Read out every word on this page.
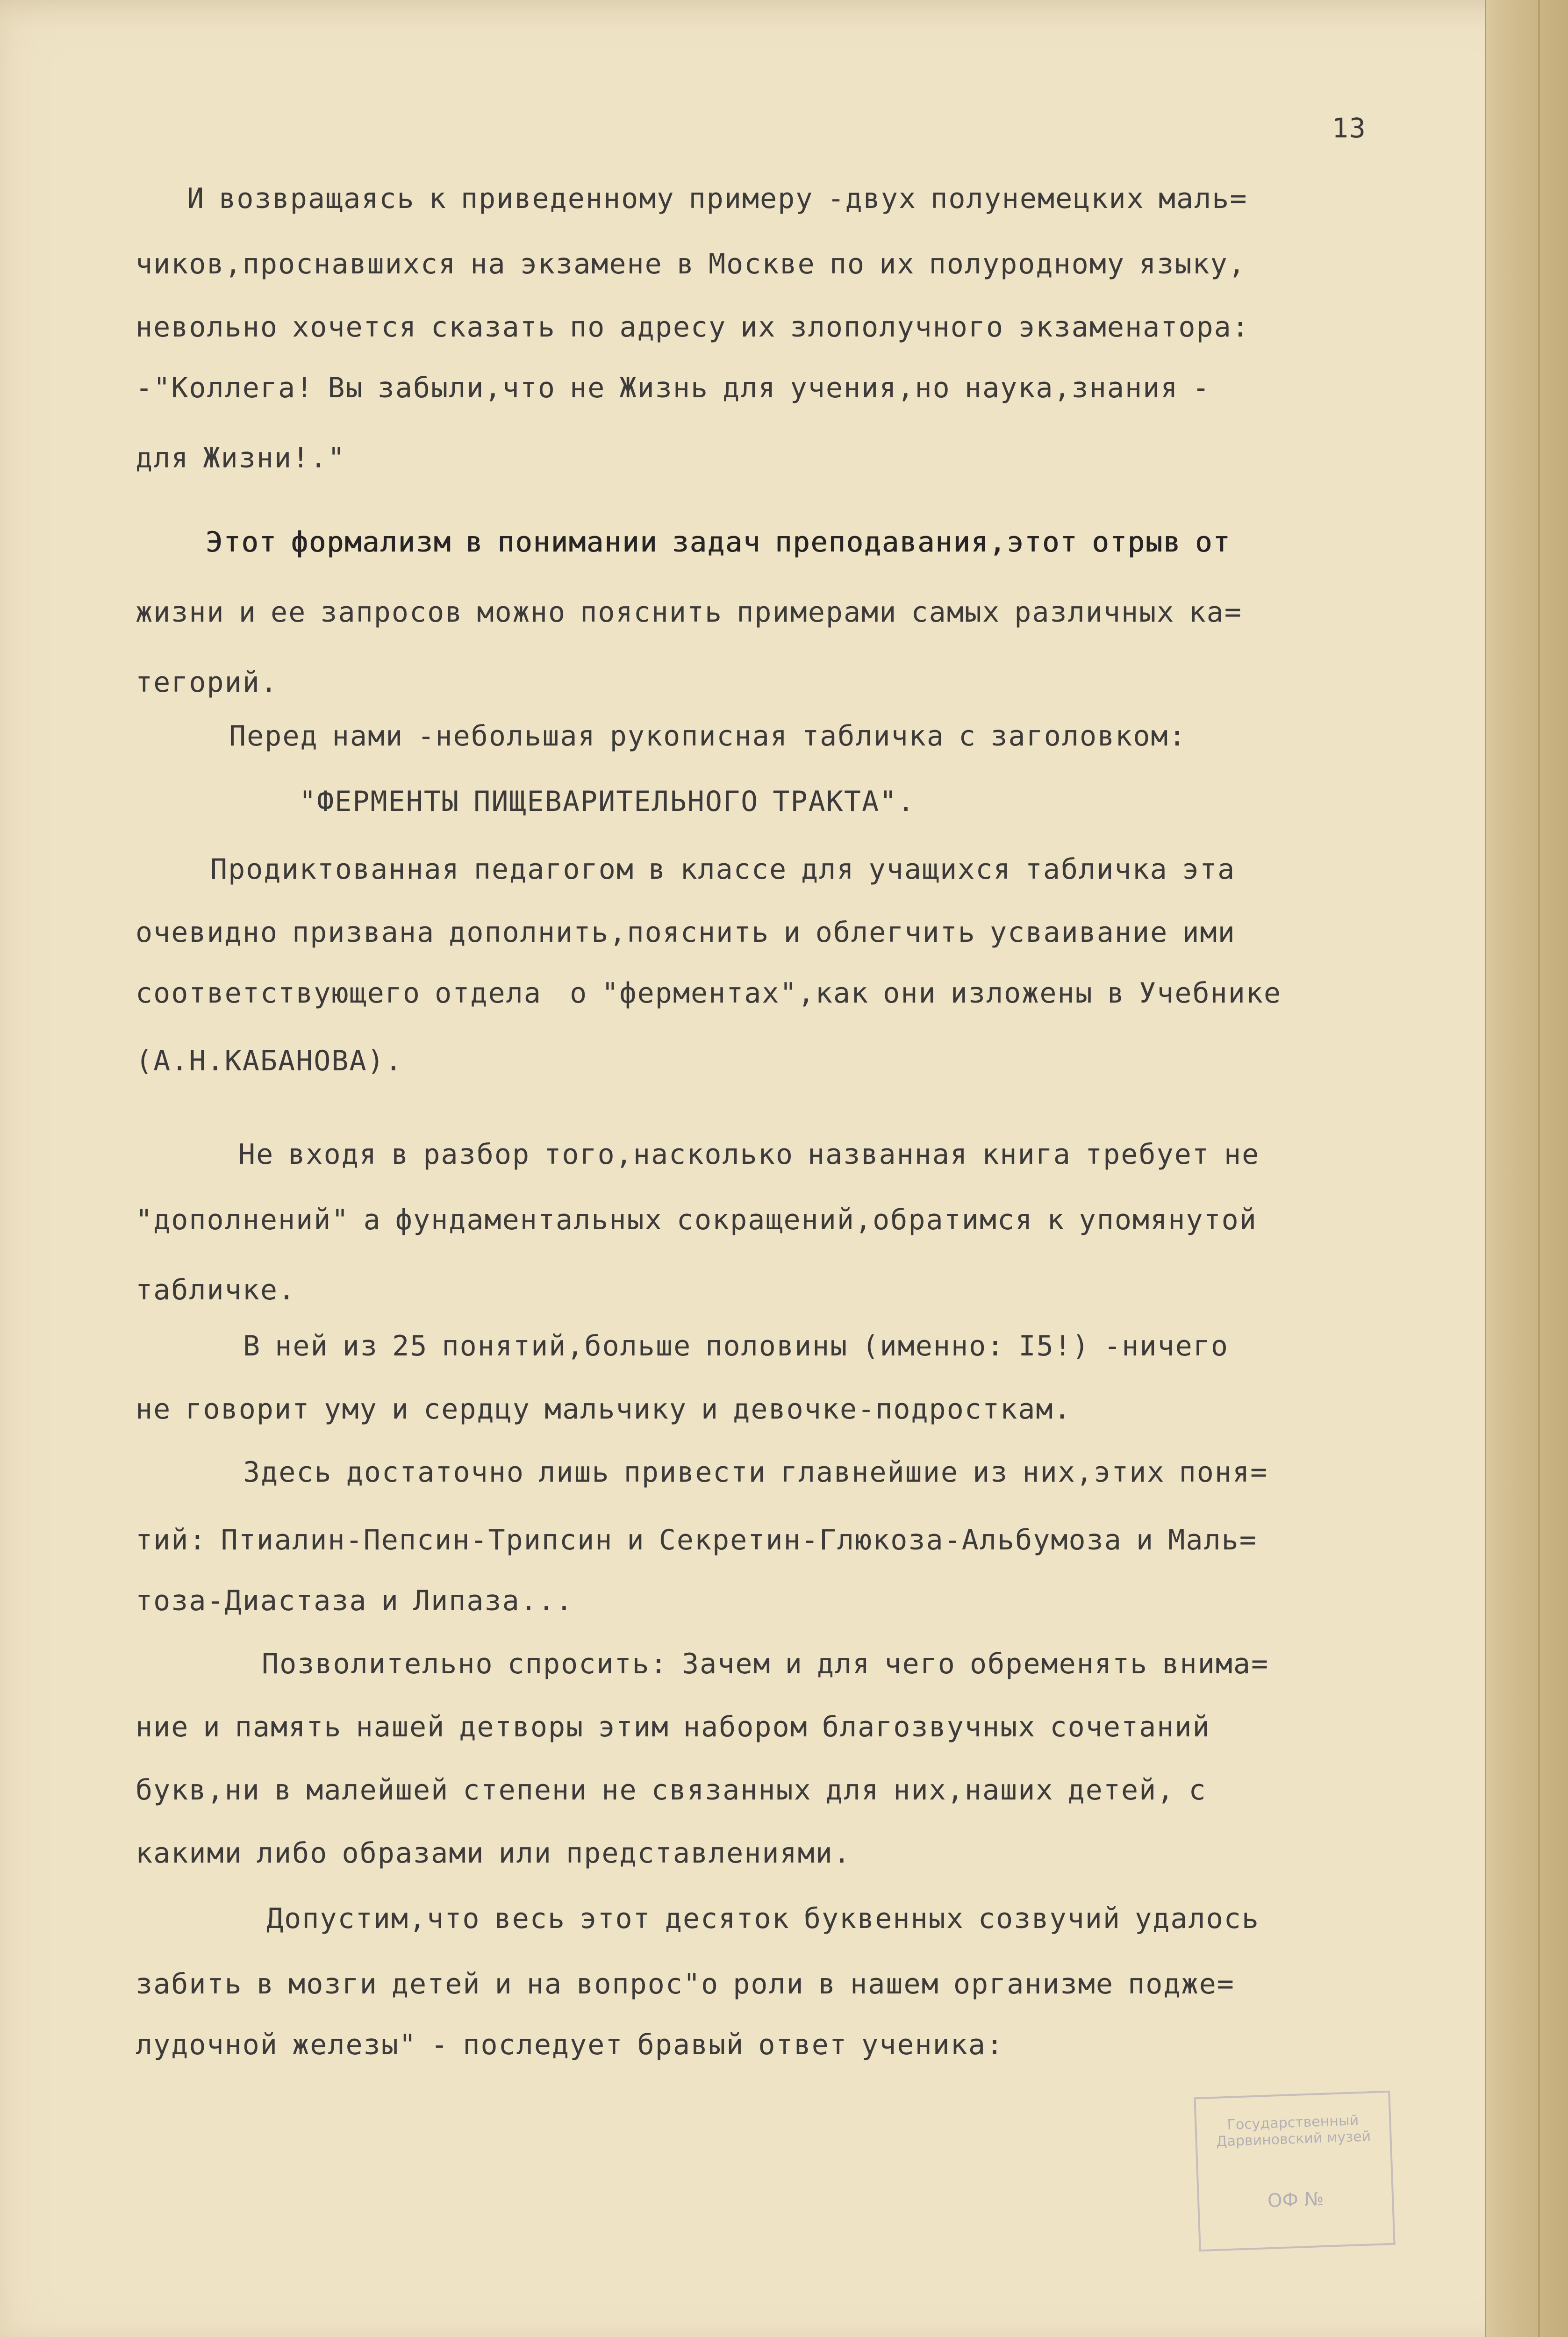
13

И возвращаясь к приведенному примеру -двух полунемецких маль=

чиков,проснавшихся на экзамене в Москве по их полуродному языку,

невольно хочется сказать по адресу их злополучного экзаменатора:

-"Коллега! Вы забыли,что не Жизнь для учения,но наука,знания -

для Жизни!."

Этот формализм в понимании задач преподавания,этот отрыв от

жизни и ее запросов можно пояснить примерами самых различных ка=

тегорий.

Перед нами -небольшая рукописная табличка с заголовком:

"ФЕРМЕНТЫ ПИЩЕВАРИТЕЛЬНОГО ТРАКТА".

Продиктованная педагогом в классе для учащихся табличка эта

очевидно призвана дополнить,пояснить и облегчить усваивание ими

соответствующего отдела  о "ферментах",как они изложены в Учебнике

(А.Н.КАБАНОВА).

Не входя в разбор того,насколько названная книга требует не

"дополнений" а фундаментальных сокращений,обратимся к упомянутой

табличке.

В ней из 25 понятий,больше половины (именно: I5!) -ничего

не говорит уму и сердцу мальчику и девочке-подросткам.

Здесь достаточно лишь привести главнейшие из них,этих поня=

тий: Птиалин-Пепсин-Трипсин и Секретин-Глюкоза-Альбумоза и Маль=

тоза-Диастаза и Липаза...

Позволительно спросить: Зачем и для чего обременять внима=

ние и память нашей детворы этим набором благозвучных сочетаний

букв,ни в малейшей степени не связанных для них,наших детей, с

какими либо образами или представлениями.

Допустим,что весь этот десяток буквенных созвучий удалось

забить в мозги детей и на вопрос"о роли в нашем организме подже=

лудочной железы" - последует бравый ответ ученика:

Государственный
Дарвиновский музей
ОФ №
